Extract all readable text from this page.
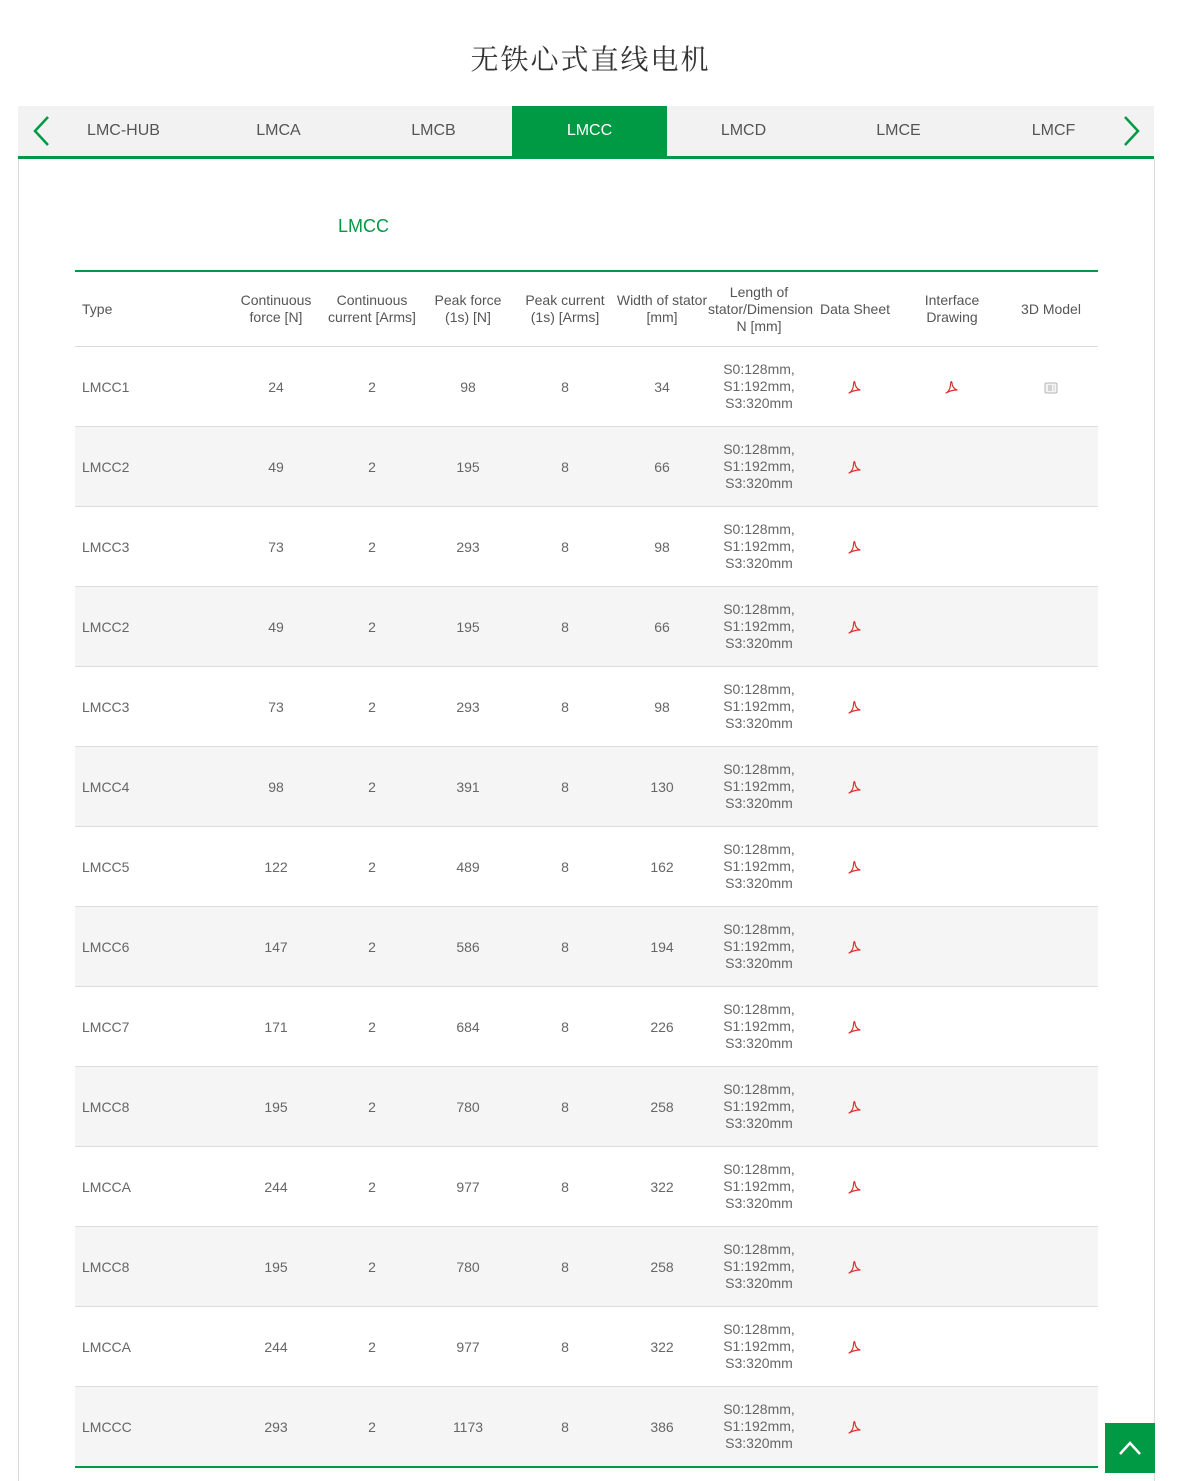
无铁心式直线电机
LMC-HUB	LMCA	LMCB	LMCC	LMCD	LMCE	LMCF
LMCC
Type	Continuous force [N]	Continuous current [Arms]	Peak force (1s) [N]	Peak current (1s) [Arms]	Width of stator [mm]	Length of stator/Dimension N [mm]	Data Sheet	Interface Drawing	3D Model
LMCC1	24	2	98	8	34	S0:128mm, S1:192mm, S3:320mm			
LMCC2	49	2	195	8	66	S0:128mm, S1:192mm, S3:320mm			
LMCC3	73	2	293	8	98	S0:128mm, S1:192mm, S3:320mm			
LMCC2	49	2	195	8	66	S0:128mm, S1:192mm, S3:320mm			
LMCC3	73	2	293	8	98	S0:128mm, S1:192mm, S3:320mm			
LMCC4	98	2	391	8	130	S0:128mm, S1:192mm, S3:320mm			
LMCC5	122	2	489	8	162	S0:128mm, S1:192mm, S3:320mm			
LMCC6	147	2	586	8	194	S0:128mm, S1:192mm, S3:320mm			
LMCC7	171	2	684	8	226	S0:128mm, S1:192mm, S3:320mm			
LMCC8	195	2	780	8	258	S0:128mm, S1:192mm, S3:320mm			
LMCCA	244	2	977	8	322	S0:128mm, S1:192mm, S3:320mm			
LMCC8	195	2	780	8	258	S0:128mm, S1:192mm, S3:320mm			
LMCCA	244	2	977	8	322	S0:128mm, S1:192mm, S3:320mm			
LMCCC	293	2	1173	8	386	S0:128mm, S1:192mm, S3:320mm			
